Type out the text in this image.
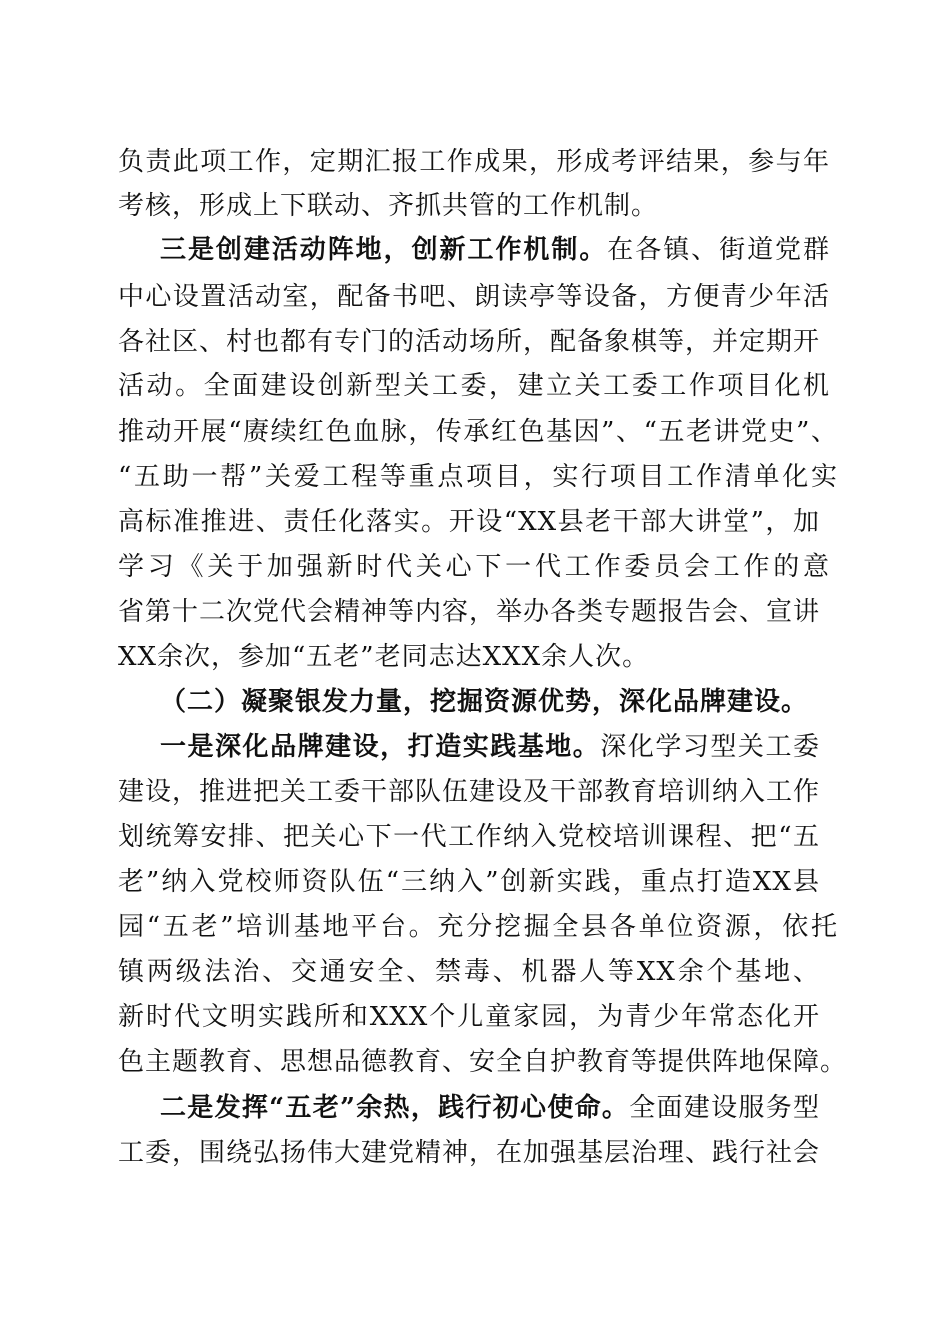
负责此项工作，定期汇报工作成果，形成考评结果，参与年

考核，形成上下联动、齐抓共管的工作机制。

三是创建活动阵地，创新工作机制。在各镇、街道党群

中心设置活动室，配备书吧、朗读亭等设备，方便青少年活

各社区、村也都有专门的活动场所，配备象棋等，并定期开

活动。全面建设创新型关工委，建立关工委工作项目化机

推动开展“赓续红色血脉，传承红色基因”、“五老讲党史”、

“五助一帮”关爱工程等重点项目，实行项目工作清单化实

高标准推进、责任化落实。开设“XX县老干部大讲堂”，加

学习《关于加强新时代关心下一代工作委员会工作的意

省第十二次党代会精神等内容，举办各类专题报告会、宣讲

XX余次，参加“五老”老同志达XXX余人次。

（二）凝聚银发力量，挖掘资源优势，深化品牌建设。

一是深化品牌建设，打造实践基地。深化学习型关工委

建设，推进把关工委干部队伍建设及干部教育培训纳入工作

划统筹安排、把关心下一代工作纳入党校培训课程、把“五

老”纳入党校师资队伍“三纳入”创新实践，重点打造XX县

园“五老”培训基地平台。充分挖掘全县各单位资源，依托

镇两级法治、交通安全、禁毒、机器人等XX余个基地、

新时代文明实践所和XXX个儿童家园，为青少年常态化开

色主题教育、思想品德教育、安全自护教育等提供阵地保障。

二是发挥“五老”余热，践行初心使命。全面建设服务型

工委，围绕弘扬伟大建党精神，在加强基层治理、践行社会
